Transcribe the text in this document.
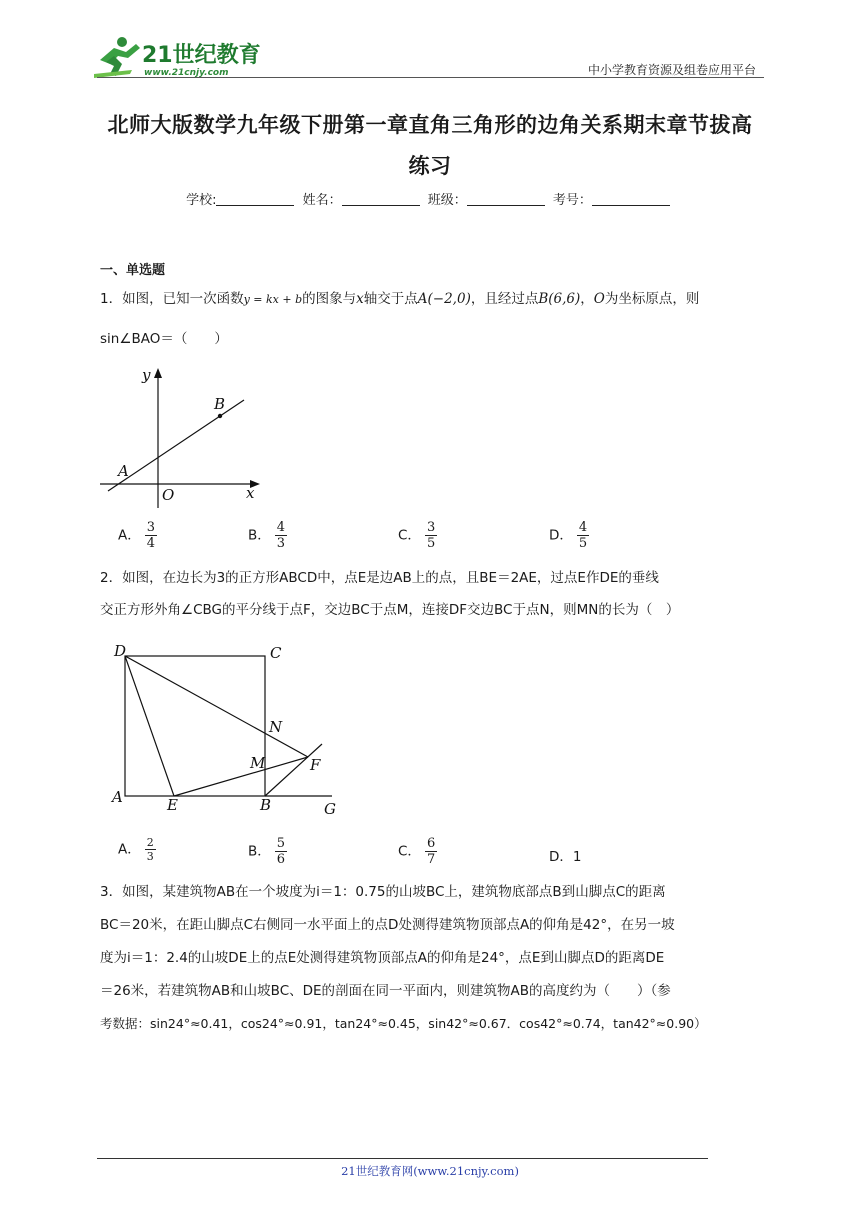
21世纪教育
www.21cnjy.com	中小学教育资源及组卷应用平台
北师大版数学九年级下册第一章直角三角形的边角关系期末章节拔高
练习
学校:	姓名：	班级：	考号：
一、单选题
1．如图，已知一次函数y = kx + b的图象与x轴交于点A(−2,0)，且经过点B(6,6)，O为坐标原点，则
sin∠BAO＝（　　）
y
x
B
A
O
A． $\frac{3}{4}$	B． $\frac{4}{3}$	C． $\frac{3}{5}$	D． $\frac{4}{5}$
2．如图，在边长为3的正方形ABCD中，点E是边AB上的点，且BE＝2AE，过点E作DE的垂线
交正方形外角∠CBG的平分线于点F，交边BC于点M，连接DF交边BC于点N，则MN的长为（　）
D	C
N
M	F
A	E	B	G
A． $\frac{2}{3}$	B． $\frac{5}{6}$	C． $\frac{6}{7}$	D．1
3．如图，某建筑物AB在一个坡度为i＝1：0.75的山坡BC上，建筑物底部点B到山脚点C的距离
BC＝20米，在距山脚点C右侧同一水平面上的点D处测得建筑物顶部点A的仰角是42°，在另一坡
度为i＝1：2.4的山坡DE上的点E处测得建筑物顶部点A的仰角是24°，点E到山脚点D的距离DE
＝26米，若建筑物AB和山坡BC、DE的剖面在同一平面内，则建筑物AB的高度约为（　　）（参
考数据：sin24°≈0.41，cos24°≈0.91，tan24°≈0.45，sin42°≈0.67．cos42°≈0.74，tan42°≈0.90）
21世纪教育网(www.21cnjy.com)
